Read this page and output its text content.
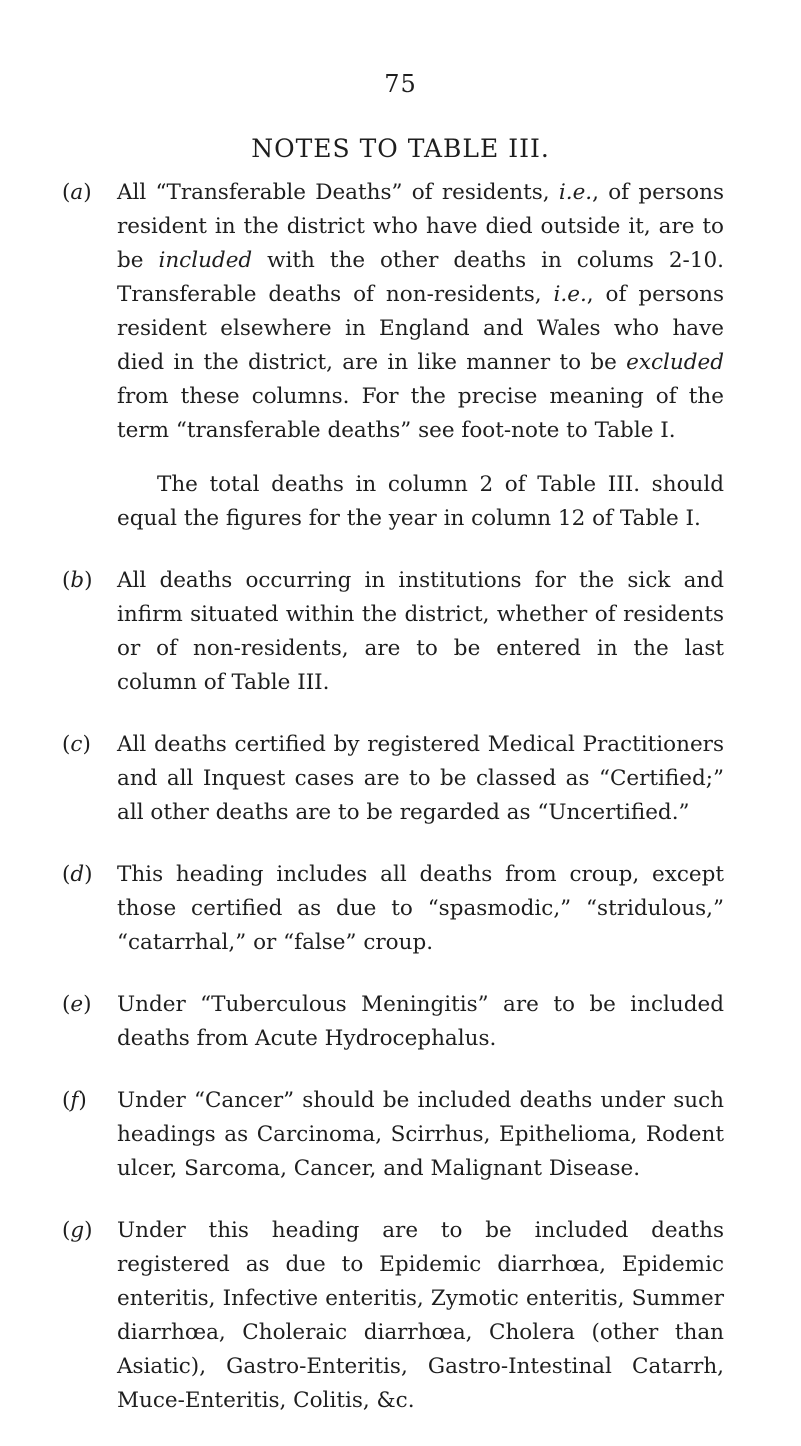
75
NOTES TO TABLE III.
(a) All “Transferable Deaths” of residents, i.e., of persons resident in the district who have died outside it, are to be included with the other deaths in colums 2-10. Transferable deaths of non-residents, i.e., of persons resident elsewhere in England and Wales who have died in the district, are in like manner to be excluded from these columns. For the precise meaning of the term “transferable deaths” see foot-note to Table I.
The total deaths in column 2 of Table III. should equal the figures for the year in column 12 of Table I.
(b) All deaths occurring in institutions for the sick and infirm situated within the district, whether of residents or of non-residents, are to be entered in the last column of Table III.
(c) All deaths certified by registered Medical Practitioners and all Inquest cases are to be classed as “Certified;” all other deaths are to be regarded as “Uncertified.”
(d) This heading includes all deaths from croup, except those certified as due to “spasmodic,” “stridulous,” “catarrhal,” or “false” croup.
(e) Under “Tuberculous Meningitis” are to be included deaths from Acute Hydrocephalus.
(f) Under “Cancer” should be included deaths under such headings as Carcinoma, Scirrhus, Epithelioma, Rodent ulcer, Sarcoma, Cancer, and Malignant Disease.
(g) Under this heading are to be included deaths registered as due to Epidemic diarrhœa, Epidemic enteritis, Infective enteritis, Zymotic enteritis, Summer diarrhœa, Choleraic diarrhœa, Cholera (other than Asiatic), Gastro-Enteritis, Gastro-Intestinal Catarrh, Muce-Enteritis, Colitis, &c.
